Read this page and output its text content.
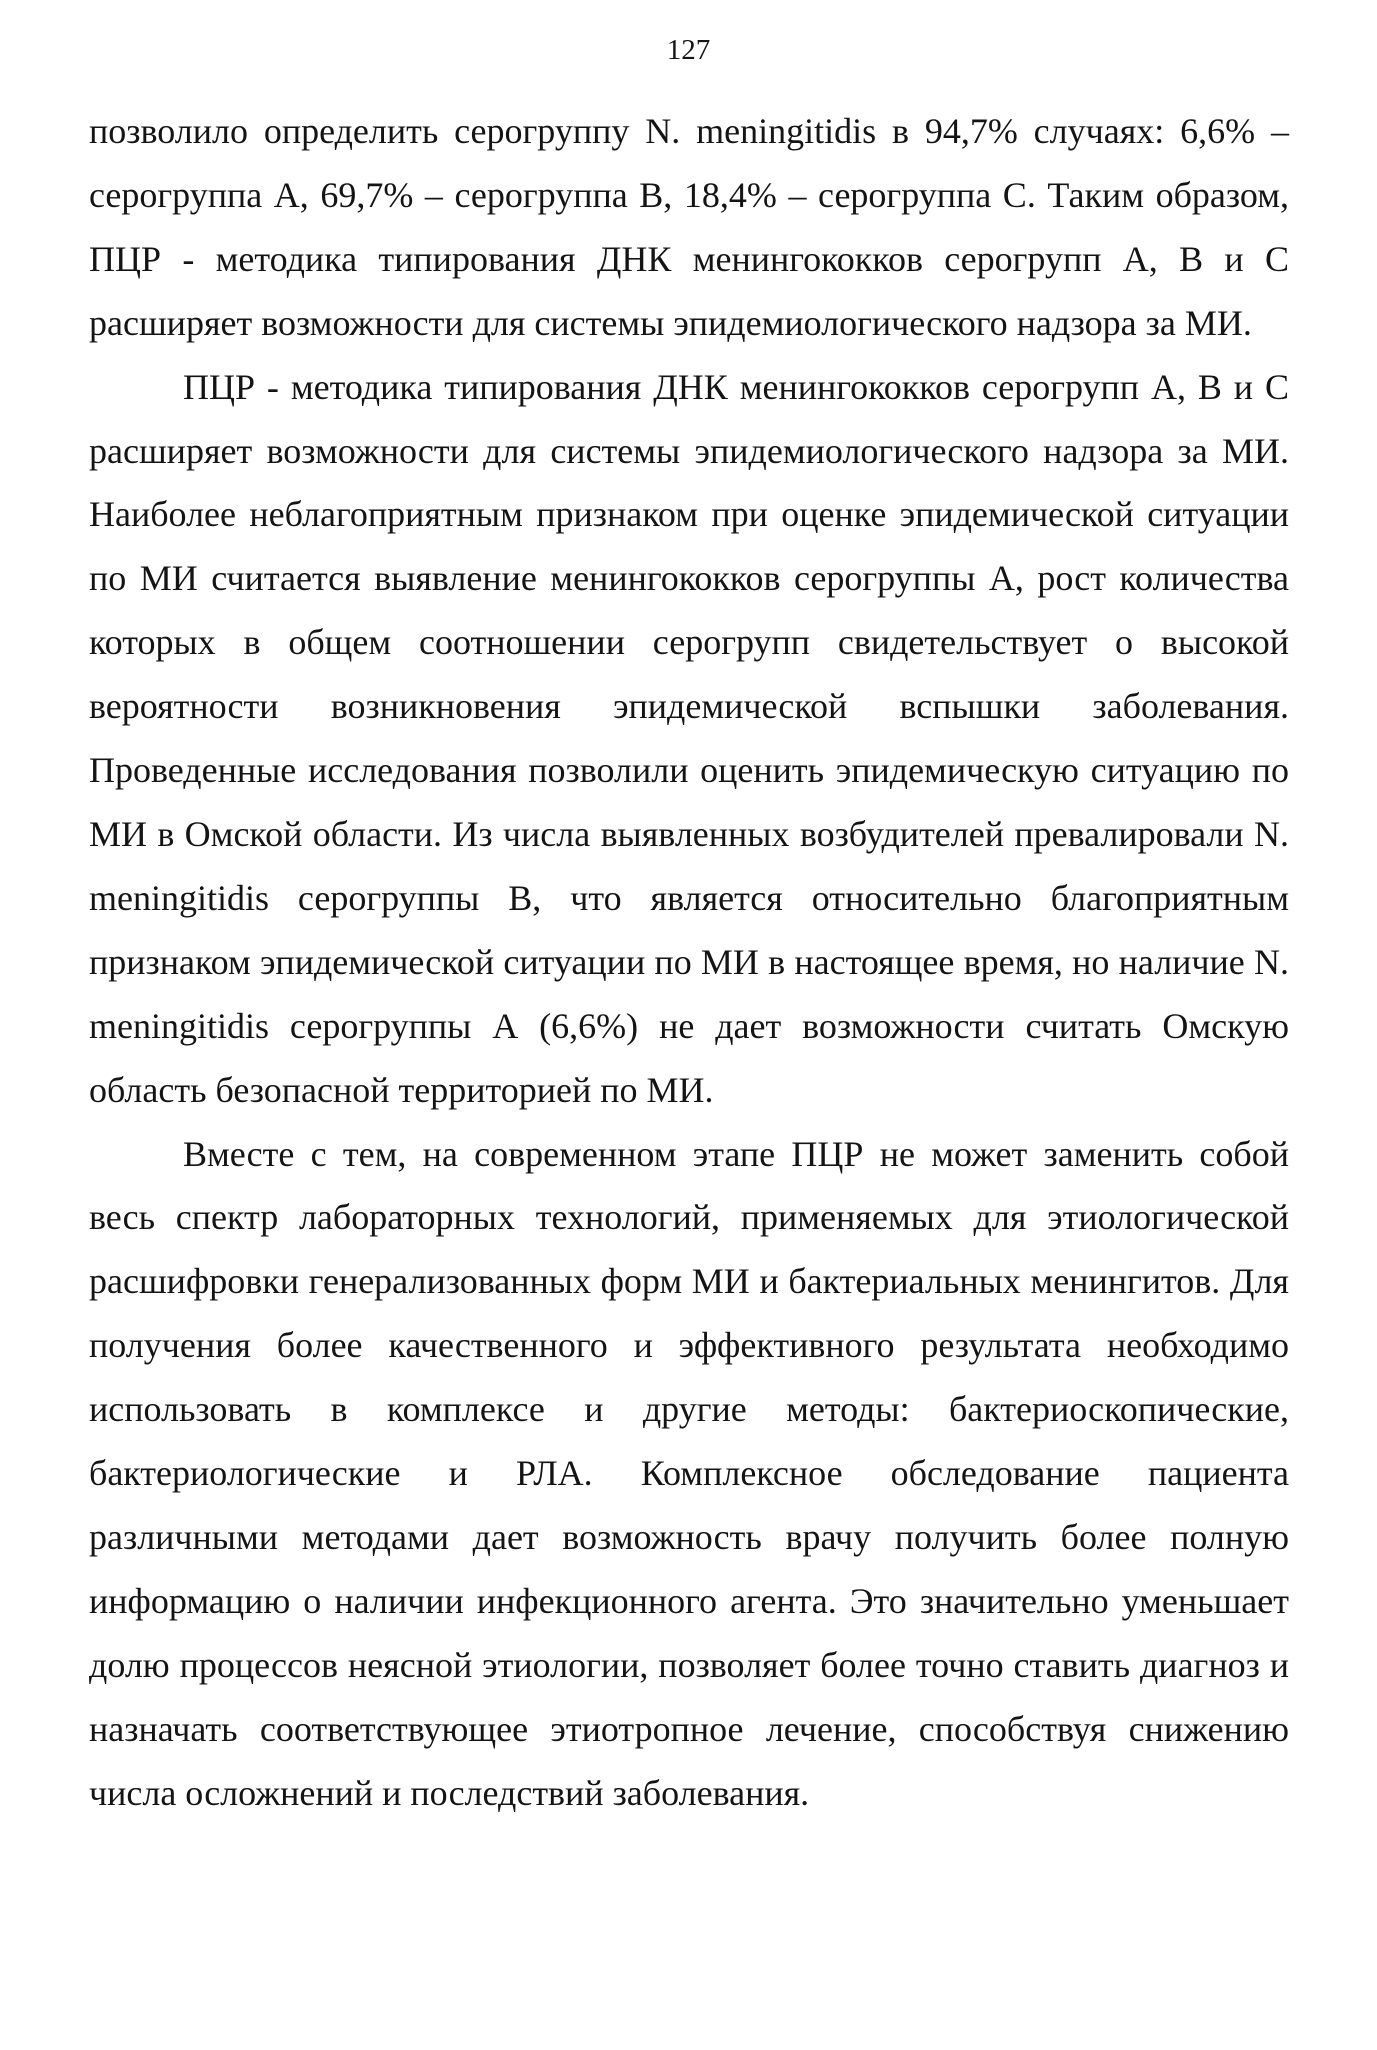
127

позволило определить серогруппу N. meningitidis в 94,7% случаях: 6,6% – серогруппа А, 69,7% – серогруппа В, 18,4% – серогруппа С. Таким образом, ПЦР - методика типирования ДНК менингококков серогрупп А, В и С расширяет возможности для системы эпидемиологического надзора за МИ.

ПЦР - методика типирования ДНК менингококков серогрупп А, В и С расширяет возможности для системы эпидемиологического надзора за МИ. Наиболее неблагоприятным признаком при оценке эпидемической ситуации по МИ считается выявление менингококков серогруппы А, рост количества которых в общем соотношении серогрупп свидетельствует о высокой вероятности возникновения эпидемической вспышки заболевания. Проведенные исследования позволили оценить эпидемическую ситуацию по МИ в Омской области. Из числа выявленных возбудителей превалировали N. meningitidis серогруппы В, что является относительно благоприятным признаком эпидемической ситуации по МИ в настоящее время, но наличие N. meningitidis серогруппы А (6,6%) не дает возможности считать Омскую область безопасной территорией по МИ.

Вместе с тем, на современном этапе ПЦР не может заменить собой весь спектр лабораторных технологий, применяемых для этиологической расшифровки генерализованных форм МИ и бактериальных менингитов. Для получения более качественного и эффективного результата необходимо использовать в комплексе и другие методы: бактериоскопические, бактериологические и РЛА. Комплексное обследование пациента различными методами дает возможность врачу получить более полную информацию о наличии инфекционного агента. Это значительно уменьшает долю процессов неясной этиологии, позволяет более точно ставить диагноз и назначать соответствующее этиотропное лечение, способствуя снижению числа осложнений и последствий заболевания.
